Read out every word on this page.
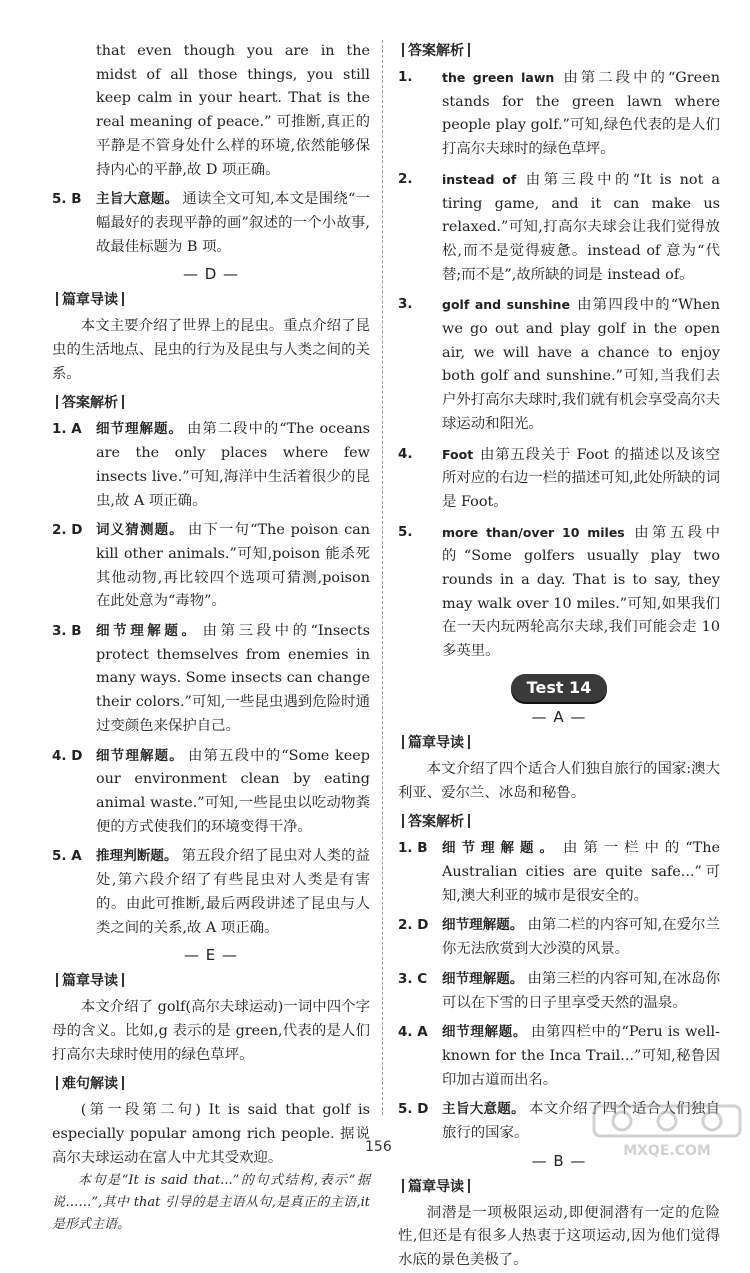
that even though you are in the midst of all those things, you still keep calm in your heart. That is the real meaning of peace.” 可推断,真正的平静是不管身处什么样的环境,依然能够保持内心的平静,故 D 项正确。

5. B 主旨大意题。 通读全文可知,本文是围绕“一幅最好的表现平静的画”叙述的一个小故事,故最佳标题为 B 项。
— D —
篇章导读

本文主要介绍了世界上的昆虫。重点介绍了昆虫的生活地点、昆虫的行为及昆虫与人类之间的关系。

答案解析
1. A 细节理解题。 由第二段中的“The oceans are the only places where few insects live.”可知,海洋中生活着很少的昆虫,故 A 项正确。
2. D 词义猜测题。 由下一句“The poison can kill other animals.”可知,poison 能杀死其他动物,再比较四个选项可猜测,poison 在此处意为“毒物”。
3. B 细节理解题。 由第三段中的“Insects protect themselves from enemies in many ways. Some insects can change their colors.”可知,一些昆虫遇到危险时通过变颜色来保护自己。
4. D 细节理解题。 由第五段中的“Some keep our environment clean by eating animal waste.”可知,一些昆虫以吃动物粪便的方式使我们的环境变得干净。
5. A 推理判断题。 第五段介绍了昆虫对人类的益处,第六段介绍了有些昆虫对人类是有害的。由此可推断,最后两段讲述了昆虫与人类之间的关系,故 A 项正确。
— E —
篇章导读

本文介绍了 golf(高尔夫球运动)一词中四个字母的含义。比如,g 表示的是 green,代表的是人们打高尔夫球时使用的绿色草坪。

难句解读

(第一段第二句) It is said that golf is especially popular among rich people. 据说高尔夫球运动在富人中尤其受欢迎。

本句是“It is said that...”的句式结构,表示“据说……”,其中 that 引导的是主语从句,是真正的主语,it 是形式主语。

答案解析
1. the green lawn 由第二段中的“Green stands for the green lawn where people play golf.”可知,绿色代表的是人们打高尔夫球时的绿色草坪。
2. instead of 由第三段中的“It is not a tiring game, and it can make us relaxed.”可知,打高尔夫球会让我们觉得放松,而不是觉得疲惫。instead of 意为“代替;而不是”,故所缺的词是 instead of。
3. golf and sunshine 由第四段中的“When we go out and play golf in the open air, we will have a chance to enjoy both golf and sunshine.”可知,当我们去户外打高尔夫球时,我们就有机会享受高尔夫球运动和阳光。
4. Foot 由第五段关于 Foot 的描述以及该空所对应的右边一栏的描述可知,此处所缺的词是 Foot。
5. more than/over 10 miles 由第五段中的“Some golfers usually play two rounds in a day. That is to say, they may walk over 10 miles.”可知,如果我们在一天内玩两轮高尔夫球,我们可能会走 10 多英里。
Test 14
— A —
篇章导读

本文介绍了四个适合人们独自旅行的国家:澳大利亚、爱尔兰、冰岛和秘鲁。

答案解析
1. B 细节理解题。 由第一栏中的“The Australian cities are quite safe...”可知,澳大利亚的城市是很安全的。
2. D 细节理解题。 由第二栏的内容可知,在爱尔兰你无法欣赏到大沙漠的风景。
3. C 细节理解题。 由第三栏的内容可知,在冰岛你可以在下雪的日子里享受天然的温泉。
4. A 细节理解题。 由第四栏中的“Peru is well-known for the Inca Trail...”可知,秘鲁因印加古道而出名。
5. D 主旨大意题。 本文介绍了四个适合人们独自旅行的国家。
— B —
篇章导读

洞潜是一项极限运动,即便洞潜有一定的危险性,但还是有很多人热衷于这项运动,因为他们觉得水底的景色美极了。

156	MXQE.COM
